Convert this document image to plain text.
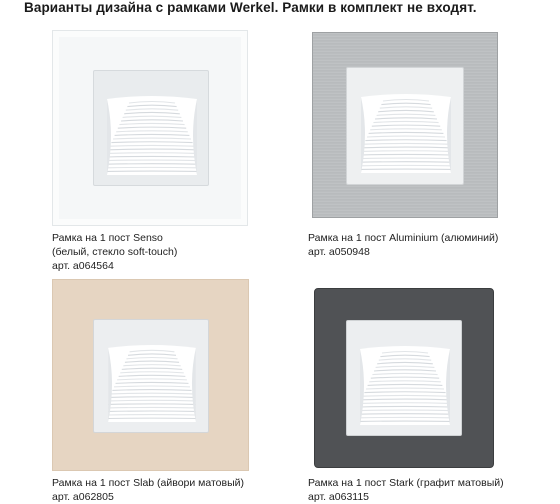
Варианты дизайна с рамками Werkel. Рамки в комплект не входят.
Рамка на 1 пост Senso
(белый, стекло soft-touch)
арт. a064564
Рамка на 1 пост Aluminium (алюминий)
арт. a050948
Рамка на 1 пост Slab (айвори матовый)
арт. a062805
Рамка на 1 пост Stark (графит матовый)
арт. a063115
